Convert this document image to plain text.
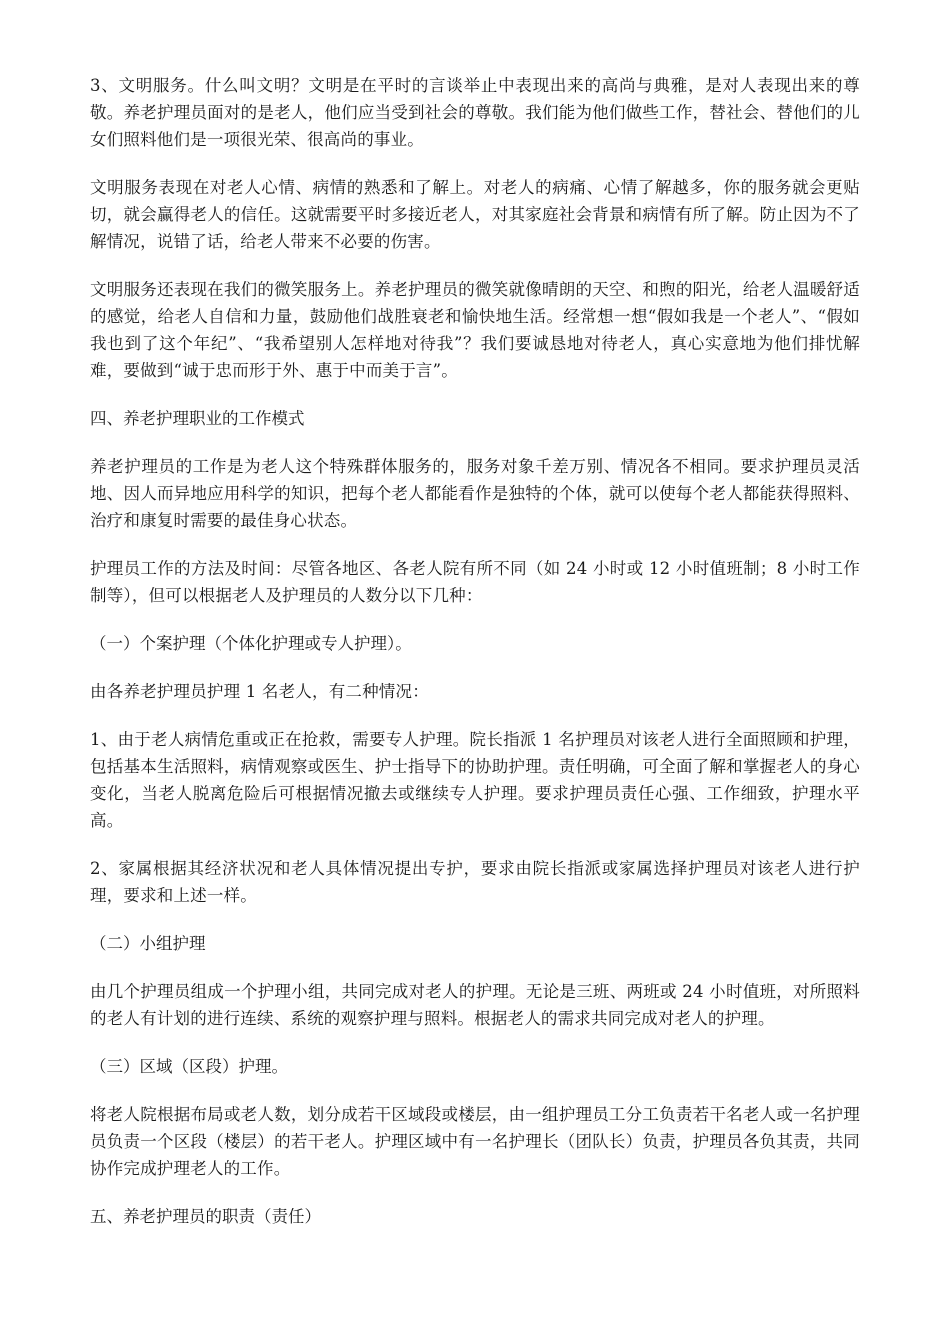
3、文明服务。什么叫文明？文明是在平时的言谈举止中表现出来的高尚与典雅，是对人表现出来的尊敬。养老护理员面对的是老人，他们应当受到社会的尊敬。我们能为他们做些工作，替社会、替他们的儿女们照料他们是一项很光荣、很高尚的事业。

文明服务表现在对老人心情、病情的熟悉和了解上。对老人的病痛、心情了解越多，你的服务就会更贴切，就会赢得老人的信任。这就需要平时多接近老人，对其家庭社会背景和病情有所了解。防止因为不了解情况，说错了话，给老人带来不必要的伤害。

文明服务还表现在我们的微笑服务上。养老护理员的微笑就像晴朗的天空、和煦的阳光，给老人温暖舒适的感觉，给老人自信和力量，鼓励他们战胜衰老和愉快地生活。经常想一想“假如我是一个老人”、“假如我也到了这个年纪”、“我希望别人怎样地对待我”？我们要诚恳地对待老人，真心实意地为他们排忧解难，要做到“诚于忠而形于外、惠于中而美于言”。

四、养老护理职业的工作模式

养老护理员的工作是为老人这个特殊群体服务的，服务对象千差万别、情况各不相同。要求护理员灵活地、因人而异地应用科学的知识，把每个老人都能看作是独特的个体，就可以使每个老人都能获得照料、治疗和康复时需要的最佳身心状态。

护理员工作的方法及时间：尽管各地区、各老人院有所不同（如 24 小时或 12 小时值班制；8 小时工作制等），但可以根据老人及护理员的人数分以下几种：

（一）个案护理（个体化护理或专人护理）。

由各养老护理员护理 1 名老人，有二种情况：

1、由于老人病情危重或正在抢救，需要专人护理。院长指派 1 名护理员对该老人进行全面照顾和护理，包括基本生活照料，病情观察或医生、护士指导下的协助护理。责任明确，可全面了解和掌握老人的身心变化，当老人脱离危险后可根据情况撤去或继续专人护理。要求护理员责任心强、工作细致，护理水平高。

2、家属根据其经济状况和老人具体情况提出专护，要求由院长指派或家属选择护理员对该老人进行护理，要求和上述一样。

（二）小组护理

由几个护理员组成一个护理小组，共同完成对老人的护理。无论是三班、两班或 24 小时值班，对所照料的老人有计划的进行连续、系统的观察护理与照料。根据老人的需求共同完成对老人的护理。

（三）区域（区段）护理。

将老人院根据布局或老人数，划分成若干区域段或楼层，由一组护理员工分工负责若干名老人或一名护理员负责一个区段（楼层）的若干老人。护理区域中有一名护理长（团队长）负责，护理员各负其责，共同协作完成护理老人的工作。

五、养老护理员的职责（责任）
